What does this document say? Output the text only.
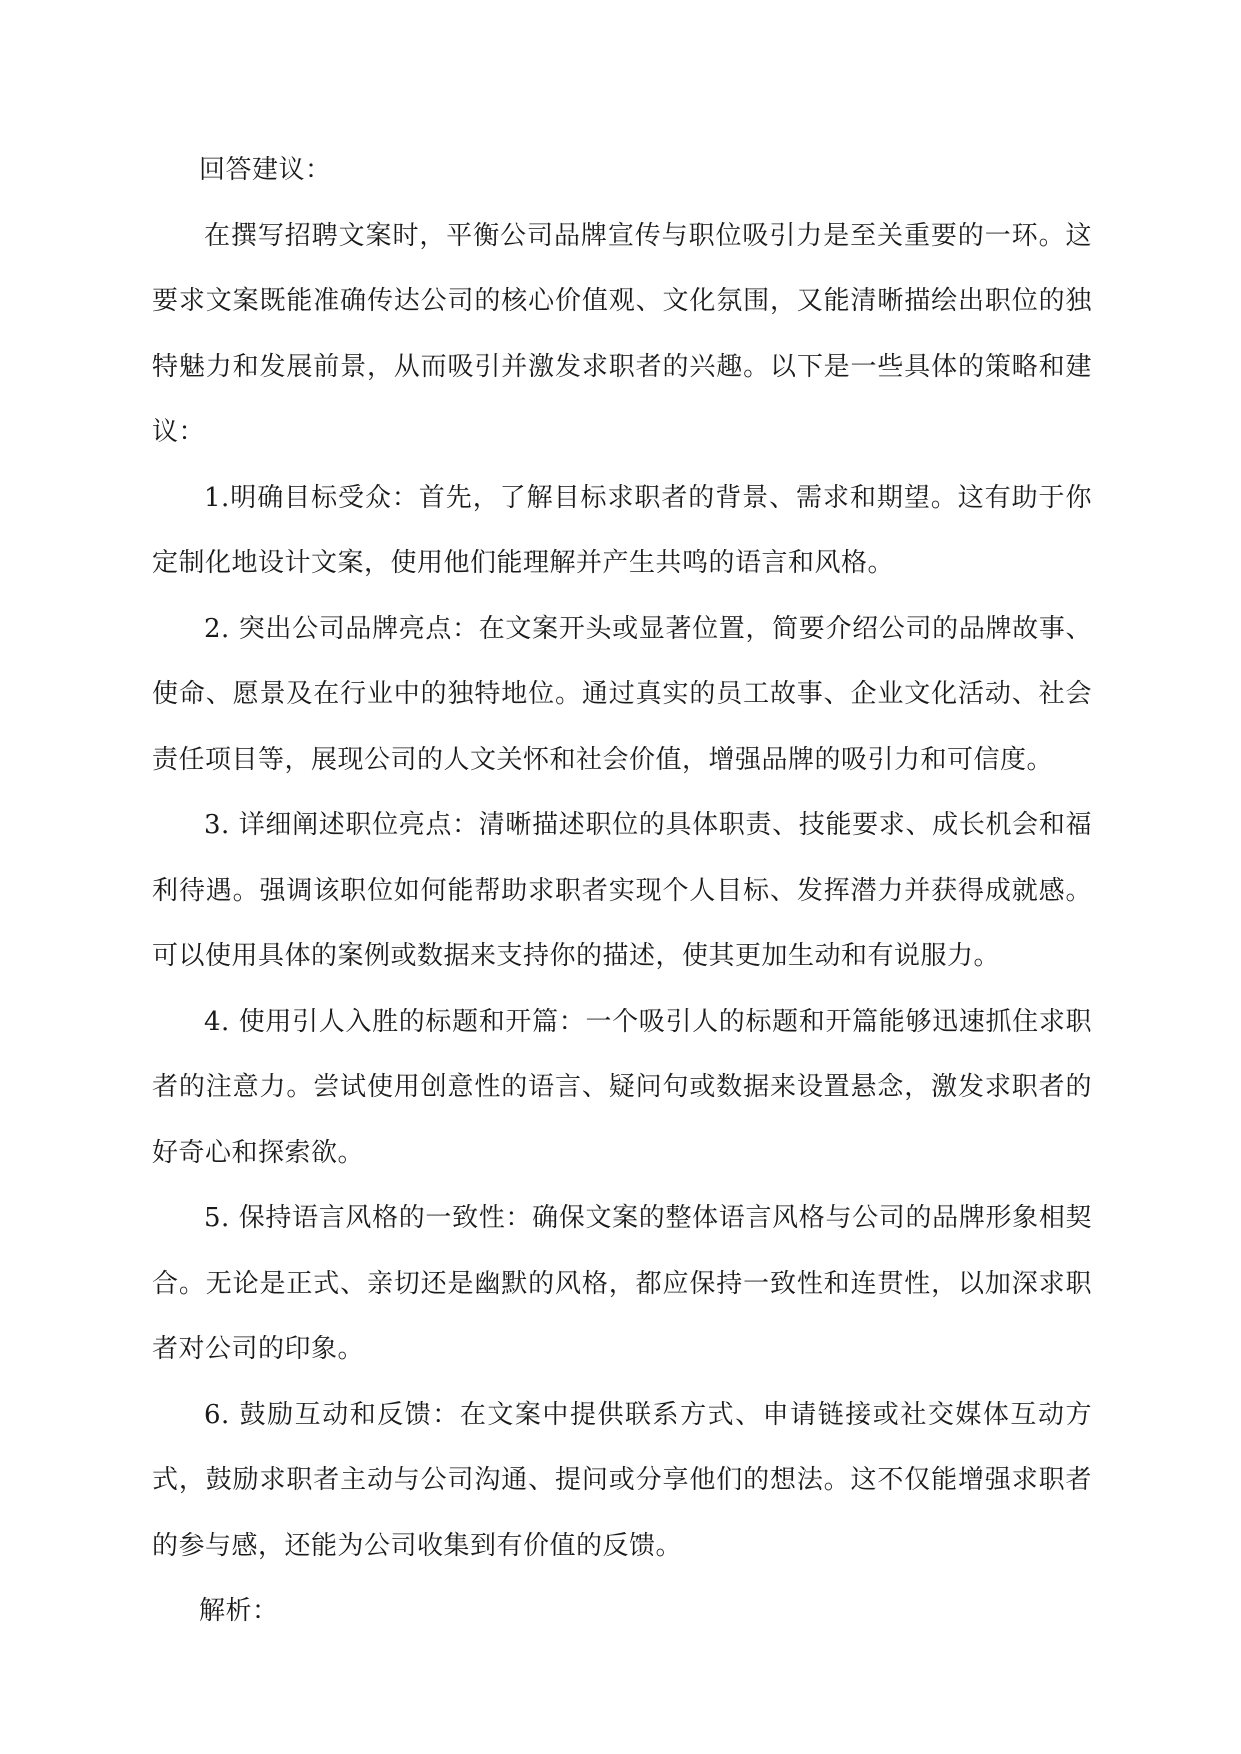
回答建议：

在撰写招聘文案时，平衡公司品牌宣传与职位吸引力是至关重要的一环。这要求文案既能准确传达公司的核心价值观、文化氛围，又能清晰描绘出职位的独特魅力和发展前景，从而吸引并激发求职者的兴趣。以下是一些具体的策略和建议：

1.明确目标受众：首先，了解目标求职者的背景、需求和期望。这有助于你定制化地设计文案，使用他们能理解并产生共鸣的语言和风格。

2. 突出公司品牌亮点：在文案开头或显著位置，简要介绍公司的品牌故事、使命、愿景及在行业中的独特地位。通过真实的员工故事、企业文化活动、社会责任项目等，展现公司的人文关怀和社会价值，增强品牌的吸引力和可信度。

3. 详细阐述职位亮点：清晰描述职位的具体职责、技能要求、成长机会和福利待遇。强调该职位如何能帮助求职者实现个人目标、发挥潜力并获得成就感。可以使用具体的案例或数据来支持你的描述，使其更加生动和有说服力。

4. 使用引人入胜的标题和开篇：一个吸引人的标题和开篇能够迅速抓住求职者的注意力。尝试使用创意性的语言、疑问句或数据来设置悬念，激发求职者的好奇心和探索欲。

5. 保持语言风格的一致性：确保文案的整体语言风格与公司的品牌形象相契合。无论是正式、亲切还是幽默的风格，都应保持一致性和连贯性，以加深求职者对公司的印象。

6. 鼓励互动和反馈：在文案中提供联系方式、申请链接或社交媒体互动方式，鼓励求职者主动与公司沟通、提问或分享他们的想法。这不仅能增强求职者的参与感，还能为公司收集到有价值的反馈。

解析：
